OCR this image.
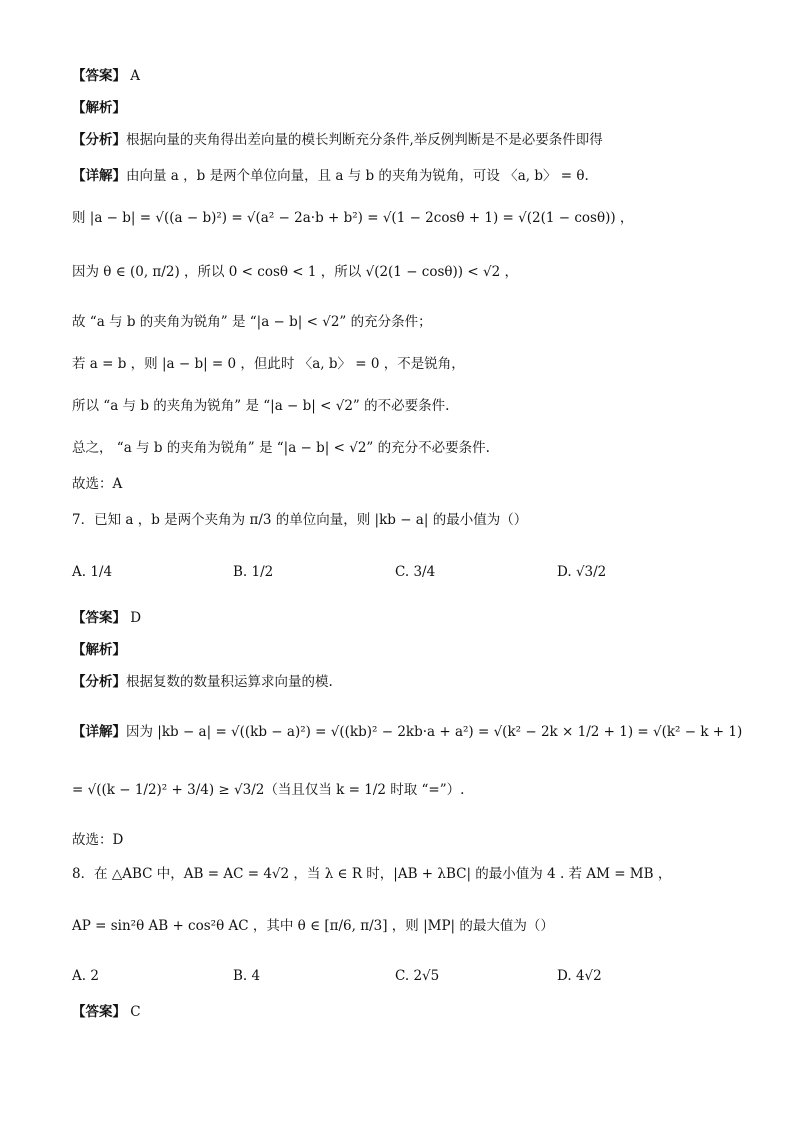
【答案】 A
【解析】
【分析】根据向量的夹角得出差向量的模长判断充分条件,举反例判断是不是必要条件即得
【详解】由向量 a ，b 是两个单位向量，且 a 与 b 的夹角为锐角，可设 〈a, b〉 = θ.
则 |a − b| = √((a − b)²) = √(a² − 2a·b + b²) = √(1 − 2cosθ + 1) = √(2(1 − cosθ)) ，
因为 θ ∈ (0, π/2) ，所以 0 < cosθ < 1 ，所以 √(2(1 − cosθ)) < √2 ，
故 “a 与 b 的夹角为锐角” 是 “|a − b| < √2” 的充分条件；
若 a = b ，则 |a − b| = 0 ，但此时 〈a, b〉 = 0 ，不是锐角，
所以 “a 与 b 的夹角为锐角” 是 “|a − b| < √2” 的不必要条件.
总之， “a 与 b 的夹角为锐角” 是 “|a − b| < √2” 的充分不必要条件.
故选：A
7．已知 a ，b 是两个夹角为 π/3 的单位向量，则 |kb − a| 的最小值为（）
A. 1/4	B. 1/2	C. 3/4	D. √3/2
【答案】 D
【解析】
【分析】根据复数的数量积运算求向量的模.
【详解】因为 |kb − a| = √((kb − a)²) = √((kb)² − 2kb·a + a²) = √(k² − 2k × 1/2 + 1) = √(k² − k + 1)
= √((k − 1/2)² + 3/4) ≥ √3/2（当且仅当 k = 1/2 时取 “=”）.
故选：D
8．在 △ABC 中，AB = AC = 4√2 ，当 λ ∈ R 时，|AB + λBC| 的最小值为 4 . 若 AM = MB ，
AP = sin²θ AB + cos²θ AC ，其中 θ ∈ [π/6, π/3] ，则 |MP| 的最大值为（）
A. 2	B. 4	C. 2√5	D. 4√2
【答案】 C
